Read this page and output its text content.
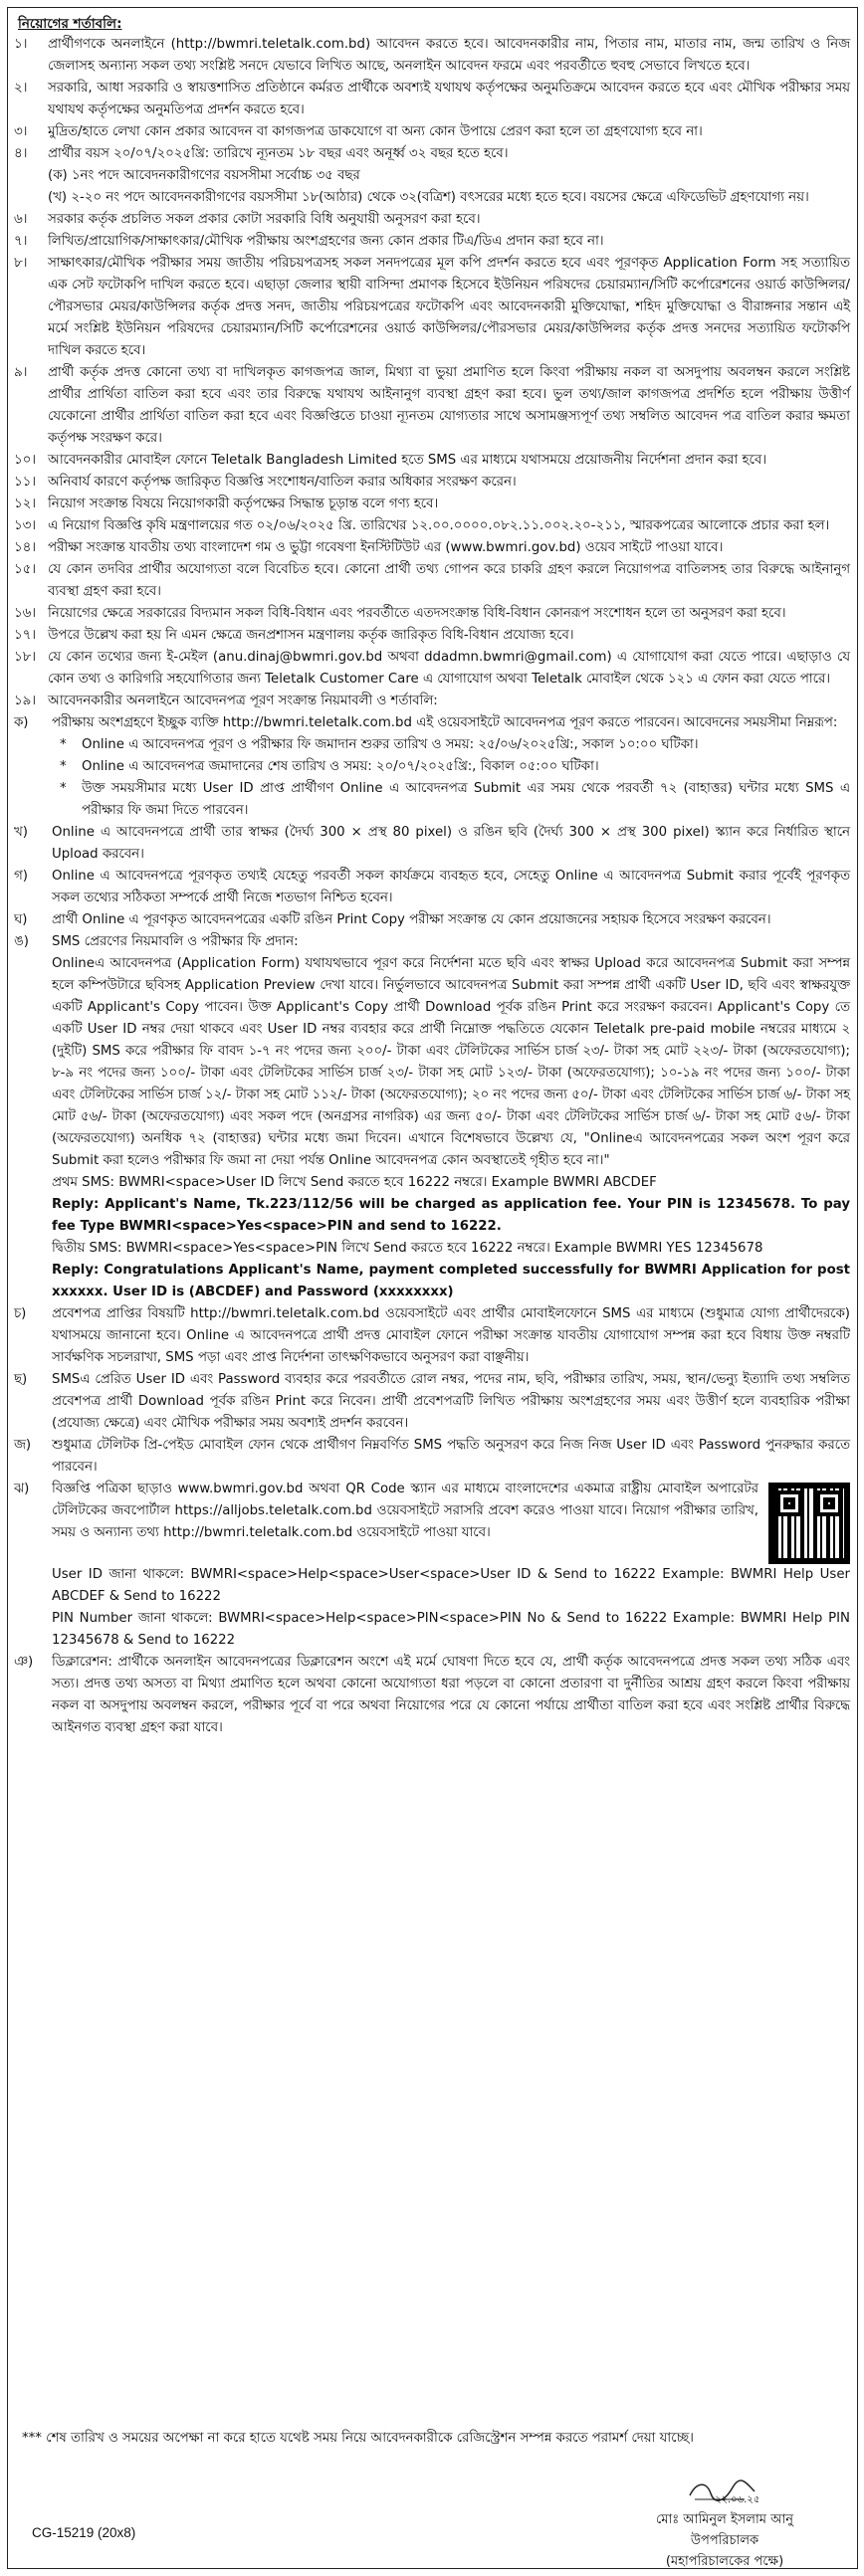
নিয়োগের শর্তাবলি:
১।	প্রার্থীগণকে অনলাইনে (http://bwmri.teletalk.com.bd) আবেদন করতে হবে। আবেদনকারীর নাম, পিতার নাম, মাতার নাম, জন্ম তারিখ ও নিজ জেলাসহ অন্যান্য সকল তথ্য সংশ্লিষ্ট সনদে যেভাবে লিখিত আছে, অনলাইন আবেদন ফরমে এবং পরবর্তীতে হুবহু সেভাবে লিখতে হবে।
২।	সরকারি, আধা সরকারি ও স্বায়ত্তশাসিত প্রতিষ্ঠানে কর্মরত প্রার্থীকে অবশ্যই যথাযথ কর্তৃপক্ষের অনুমতিক্রমে আবেদন করতে হবে এবং মৌখিক পরীক্ষার সময় যথাযথ কর্তৃপক্ষের অনুমতিপত্র প্রদর্শন করতে হবে।
৩।	মুদ্রিত/হাতে লেখা কোন প্রকার আবেদন বা কাগজপত্র ডাকযোগে বা অন্য কোন উপায়ে প্রেরণ করা হলে তা গ্রহণযোগ্য হবে না।
৪।	প্রার্থীর বয়স ২০/০৭/২০২৫খ্রি: তারিখে ন্যূনতম ১৮ বছর এবং অনূর্ধ্ব ৩২ বছর হতে হবে।
(ক) ১নং পদে আবেদনকারীগণের বয়সসীমা সর্বোচ্চ ৩৫ বছর
(খ) ২-২০ নং পদে আবেদনকারীগণের বয়সসীমা ১৮(আঠার) থেকে ৩২(বত্রিশ) বৎসরের মধ্যে হতে হবে। বয়সের ক্ষেত্রে এফিডেভিট গ্রহণযোগ্য নয়।
৬।	সরকার কর্তৃক প্রচলিত সকল প্রকার কোটা সরকারি বিধি অনুযায়ী অনুসরণ করা হবে।
৭।	লিখিত/প্রায়োগিক/সাক্ষাৎকার/মৌখিক পরীক্ষায় অংশগ্রহণের জন্য কোন প্রকার টিএ/ডিএ প্রদান করা হবে না।
৮।	সাক্ষাৎকার/মৌখিক পরীক্ষার সময় জাতীয় পরিচয়পত্রসহ সকল সনদপত্রের মূল কপি প্রদর্শন করতে হবে এবং পূরণকৃত Application Form সহ সত্যায়িত এক সেট ফটোকপি দাখিল করতে হবে। এছাড়া জেলার স্থায়ী বাসিন্দা প্রমাণক হিসেবে ইউনিয়ন পরিষদের চেয়ারম্যান/সিটি কর্পোরেশনের ওয়ার্ড কাউন্সিলর/পৌরসভার মেয়র/কাউন্সিলর কর্তৃক প্রদত্ত সনদ, জাতীয় পরিচয়পত্রের ফটোকপি এবং আবেদনকারী মুক্তিযোদ্ধা, শহিদ মুক্তিযোদ্ধা ও বীরাঙ্গনার সন্তান এই মর্মে সংশ্লিষ্ট ইউনিয়ন পরিষদের চেয়ারম্যান/সিটি কর্পোরেশনের ওয়ার্ড কাউন্সিলর/পৌরসভার মেয়র/কাউন্সিলর কর্তৃক প্রদত্ত সনদের সত্যায়িত ফটোকপি দাখিল করতে হবে।
৯।	প্রার্থী কর্তৃক প্রদত্ত কোনো তথ্য বা দাখিলকৃত কাগজপত্র জাল, মিথ্যা বা ভুয়া প্রমাণিত হলে কিংবা পরীক্ষায় নকল বা অসদুপায় অবলম্বন করলে সংশ্লিষ্ট প্রার্থীর প্রার্থিতা বাতিল করা হবে এবং তার বিরুদ্ধে যথাযথ আইনানুগ ব্যবস্থা গ্রহণ করা হবে। ভুল তথ্য/জাল কাগজপত্র প্রদর্শিত হলে পরীক্ষায় উত্তীর্ণ যেকোনো প্রার্থীর প্রার্থিতা বাতিল করা হবে এবং বিজ্ঞপ্তিতে চাওয়া ন্যূনতম যোগ্যতার সাথে অসামঞ্জস্যপূর্ণ তথ্য সম্বলিত আবেদন পত্র বাতিল করার ক্ষমতা কর্তৃপক্ষ সংরক্ষণ করে।
১০। আবেদনকারীর মোবাইল ফোনে Teletalk Bangladesh Limited হতে SMS এর মাধ্যমে যথাসময়ে প্রয়োজনীয় নির্দেশনা প্রদান করা হবে।
১১। অনিবার্য কারণে কর্তৃপক্ষ জারিকৃত বিজ্ঞপ্তি সংশোধন/বাতিল করার অধিকার সংরক্ষণ করেন।
১২। নিয়োগ সংক্রান্ত বিষয়ে নিয়োগকারী কর্তৃপক্ষের সিদ্ধান্ত চূড়ান্ত বলে গণ্য হবে।
১৩। এ নিয়োগ বিজ্ঞপ্তি কৃষি মন্ত্রণালয়ের গত ০২/০৬/২০২৫ খ্রি. তারিখের ১২.০০.০০০০.০৮২.১১.০০২.২০-২১১, স্মারকপত্রের আলোকে প্রচার করা হল।
১৪। পরীক্ষা সংক্রান্ত যাবতীয় তথ্য বাংলাদেশ গম ও ভুট্টা গবেষণা ইনস্টিটিউট এর (www.bwmri.gov.bd) ওয়েব সাইটে পাওয়া যাবে।
১৫। যে কোন তদবির প্রার্থীর অযোগ্যতা বলে বিবেচিত হবে। কোনো প্রার্থী তথ্য গোপন করে চাকরি গ্রহণ করলে নিয়োগপত্র বাতিলসহ তার বিরুদ্ধে আইনানুগ ব্যবস্থা গ্রহণ করা হবে।
১৬। নিয়োগের ক্ষেত্রে সরকারের বিদ্যমান সকল বিধি-বিধান এবং পরবর্তীতে এতদসংক্রান্ত বিধি-বিধান কোনরূপ সংশোধন হলে তা অনুসরণ করা হবে।
১৭। উপরে উল্লেখ করা হয় নি এমন ক্ষেত্রে জনপ্রশাসন মন্ত্রণালয় কর্তৃক জারিকৃত বিধি-বিধান প্রযোজ্য হবে।
১৮। যে কোন তথ্যের জন্য ই-মেইল (anu.dinaj@bwmri.gov.bd অথবা ddadmn.bwmri@gmail.com) এ যোগাযোগ করা যেতে পারে। এছাড়াও যে কোন তথ্য ও কারিগরি সহযোগিতার জন্য Teletalk Customer Care এ যোগাযোগ অথবা Teletalk মোবাইল থেকে ১২১ এ ফোন করা যেতে পারে।
১৯। আবেদনকারীর অনলাইনে আবেদনপত্র পূরণ সংক্রান্ত নিয়মাবলী ও শর্তাবলি:
ক)	পরীক্ষায় অংশগ্রহণে ইচ্ছুক ব্যক্তি http://bwmri.teletalk.com.bd এই ওয়েবসাইটে আবেদনপত্র পূরণ করতে পারবেন। আবেদনের সময়সীমা নিম্নরূপ:
*	Online এ আবেদনপত্র পূরণ ও পরীক্ষার ফি জমাদান শুরুর তারিখ ও সময়: ২৫/০৬/২০২৫খ্রি:, সকাল ১০:০০ ঘটিকা।
*	Online এ আবেদনপত্র জমাদানের শেষ তারিখ ও সময়: ২০/০৭/২০২৫খ্রি:, বিকাল ০৫:০০ ঘটিকা।
*	উক্ত সময়সীমার মধ্যে User ID প্রাপ্ত প্রার্থীগণ Online এ আবেদনপত্র Submit এর সময় থেকে পরবর্তী ৭২ (বাহাত্তর) ঘন্টার মধ্যে SMS এ পরীক্ষার ফি জমা দিতে পারবেন।
খ)	Online এ আবেদনপত্রে প্রার্থী তার স্বাক্ষর (দৈর্ঘ্য 300 × প্রস্থ 80 pixel) ও রঙিন ছবি (দৈর্ঘ্য 300 × প্রস্থ 300 pixel) স্ক্যান করে নির্ধারিত স্থানে Upload করবেন।
গ)	Online এ আবেদনপত্রে পূরণকৃত তথ্যই যেহেতু পরবর্তী সকল কার্যক্রমে ব্যবহৃত হবে, সেহেতু Online এ আবেদনপত্র Submit করার পূর্বেই পূরণকৃত সকল তথ্যের সঠিকতা সম্পর্কে প্রার্থী নিজে শতভাগ নিশ্চিত হবেন।
ঘ)	প্রার্থী Online এ পূরণকৃত আবেদনপত্রের একটি রঙিন Print Copy পরীক্ষা সংক্রান্ত যে কোন প্রয়োজনের সহায়ক হিসেবে সংরক্ষণ করবেন।
ঙ)	SMS প্রেরণের নিয়মাবলি ও পরীক্ষার ফি প্রদান:
Onlineএ আবেদনপত্র (Application Form) যথাযথভাবে পূরণ করে নির্দেশনা মতে ছবি এবং স্বাক্ষর Upload করে আবেদনপত্র Submit করা সম্পন্ন হলে কম্পিউটারে ছবিসহ Application Preview দেখা যাবে। নির্ভুলভাবে আবেদনপত্র Submit করা সম্পন্ন প্রার্থী একটি User ID, ছবি এবং স্বাক্ষরযুক্ত একটি Applicant's Copy পাবেন। উক্ত Applicant's Copy প্রার্থী Download পূর্বক রঙিন Print করে সংরক্ষণ করবেন। Applicant's Copy তে একটি User ID নম্বর দেয়া থাকবে এবং User ID নম্বর ব্যবহার করে প্রার্থী নিম্নোক্ত পদ্ধতিতে যেকোন Teletalk pre-paid mobile নম্বরের মাধ্যমে ২ (দুইটি) SMS করে পরীক্ষার ফি বাবদ ১-৭ নং পদের জন্য ২০০/- টাকা এবং টেলিটকের সার্ভিস চার্জ ২৩/- টাকা সহ মোট ২২৩/- টাকা (অফেরতযোগ্য); ৮-৯ নং পদের জন্য ১০০/- টাকা এবং টেলিটকের সার্ভিস চার্জ ২৩/- টাকা সহ মোট ১২৩/- টাকা (অফেরতযোগ্য); ১০-১৯ নং পদের জন্য ১০০/- টাকা এবং টেলিটকের সার্ভিস চার্জ ১২/- টাকা সহ মোট ১১২/- টাকা (অফেরতযোগ্য); ২০ নং পদের জন্য ৫০/- টাকা এবং টেলিটকের সার্ভিস চার্জ ৬/- টাকা সহ মোট ৫৬/- টাকা (অফেরতযোগ্য) এবং সকল পদে (অনগ্রসর নাগরিক) এর জন্য ৫০/- টাকা এবং টেলিটকের সার্ভিস চার্জ ৬/- টাকা সহ মোট ৫৬/- টাকা (অফেরতযোগ্য) অনধিক ৭২ (বাহাত্তর) ঘন্টার মধ্যে জমা দিবেন। এখানে বিশেষভাবে উল্লেখ্য যে, "Onlineএ আবেদনপত্রের সকল অংশ পূরণ করে Submit করা হলেও পরীক্ষার ফি জমা না দেয়া পর্যন্ত Online আবেদনপত্র কোন অবস্থাতেই গৃহীত হবে না।"
প্রথম SMS: BWMRI<space>User ID লিখে Send করতে হবে 16222 নম্বরে। Example BWMRI ABCDEF
Reply: Applicant's Name, Tk.223/112/56 will be charged as application fee. Your PIN is 12345678. To pay fee Type BWMRI<space>Yes<space>PIN and send to 16222.
দ্বিতীয় SMS: BWMRI<space>Yes<space>PIN লিখে Send করতে হবে 16222 নম্বরে। Example BWMRI YES 12345678
Reply: Congratulations Applicant's Name, payment completed successfully for BWMRI Application for post xxxxxx. User ID is (ABCDEF) and Password (xxxxxxxx)
চ)	প্রবেশপত্র প্রাপ্তির বিষয়টি http://bwmri.teletalk.com.bd ওয়েবসাইটে এবং প্রার্থীর মোবাইলফোনে SMS এর মাধ্যমে (শুধুমাত্র যোগ্য প্রার্থীদেরকে) যথাসময়ে জানানো হবে। Online এ আবেদনপত্রে প্রার্থী প্রদত্ত মোবাইল ফোনে পরীক্ষা সংক্রান্ত যাবতীয় যোগাযোগ সম্পন্ন করা হবে বিধায় উক্ত নম্বরটি সার্বক্ষণিক সচলরাখা, SMS পড়া এবং প্রাপ্ত নির্দেশনা তাৎক্ষণিকভাবে অনুসরণ করা বাঞ্ছনীয়।
ছ)	SMSএ প্রেরিত User ID এবং Password ব্যবহার করে পরবর্তীতে রোল নম্বর, পদের নাম, ছবি, পরীক্ষার তারিখ, সময়, স্থান/ভেন্যু ইত্যাদি তথ্য সম্বলিত প্রবেশপত্র প্রার্থী Download পূর্বক রঙিন Print করে নিবেন। প্রার্থী প্রবেশপত্রটি লিখিত পরীক্ষায় অংশগ্রহণের সময় এবং উত্তীর্ণ হলে ব্যবহারিক পরীক্ষা (প্রযোজ্য ক্ষেত্রে) এবং মৌখিক পরীক্ষার সময় অবশ্যই প্রদর্শন করবেন।
জ)	শুধুমাত্র টেলিটক প্রি-পেইড মোবাইল ফোন থেকে প্রার্থীগণ নিম্নবর্ণিত SMS পদ্ধতি অনুসরণ করে নিজ নিজ User ID এবং Password পুনরুদ্ধার করতে পারবেন।
ঝ)	বিজ্ঞপ্তি পত্রিকা ছাড়াও www.bwmri.gov.bd অথবা QR Code স্ক্যান এর মাধ্যমে বাংলাদেশের একমাত্র রাষ্ট্রীয় মোবাইল অপারেটর টেলিটকের জবপোর্টাল https://alljobs.teletalk.com.bd ওয়েবসাইটে সরাসরি প্রবেশ করেও পাওয়া যাবে। নিয়োগ পরীক্ষার তারিখ, সময় ও অন্যান্য তথ্য http://bwmri.teletalk.com.bd ওয়েবসাইটে পাওয়া যাবে।
User ID জানা থাকলে: BWMRI<space>Help<space>User<space>User ID & Send to 16222 Example: BWMRI Help User ABCDEF & Send to 16222
PIN Number জানা থাকলে: BWMRI<space>Help<space>PIN<space>PIN No & Send to 16222 Example: BWMRI Help PIN 12345678 & Send to 16222
ঞ)	ডিক্লারেশন: প্রার্থীকে অনলাইন আবেদনপত্রের ডিক্লারেশন অংশে এই মর্মে ঘোষণা দিতে হবে যে, প্রার্থী কর্তৃক আবেদনপত্রে প্রদত্ত সকল তথ্য সঠিক এবং সত্য। প্রদত্ত তথ্য অসত্য বা মিথ্যা প্রমাণিত হলে অথবা কোনো অযোগ্যতা ধরা পড়লে বা কোনো প্রতারণা বা দুর্নীতির আশ্রয় গ্রহণ করলে কিংবা পরীক্ষায় নকল বা অসদুপায় অবলম্বন করলে, পরীক্ষার পূর্বে বা পরে অথবা নিয়োগের পরে যে কোনো পর্যায়ে প্রার্থীতা বাতিল করা হবে এবং সংশ্লিষ্ট প্রার্থীর বিরুদ্ধে আইনগত ব্যবস্থা গ্রহণ করা যাবে।
*** শেষ তারিখ ও সময়ের অপেক্ষা না করে হাতে যথেষ্ট সময় নিয়ে আবেদনকারীকে রেজিস্ট্রেশন সম্পন্ন করতে পরামর্শ দেয়া যাচ্ছে।
২২.০৬.২৫
মোঃ আমিনুল ইসলাম আনু
উপপরিচালক
(মহাপরিচালকের পক্ষে)
CG-15219 (20x8)
